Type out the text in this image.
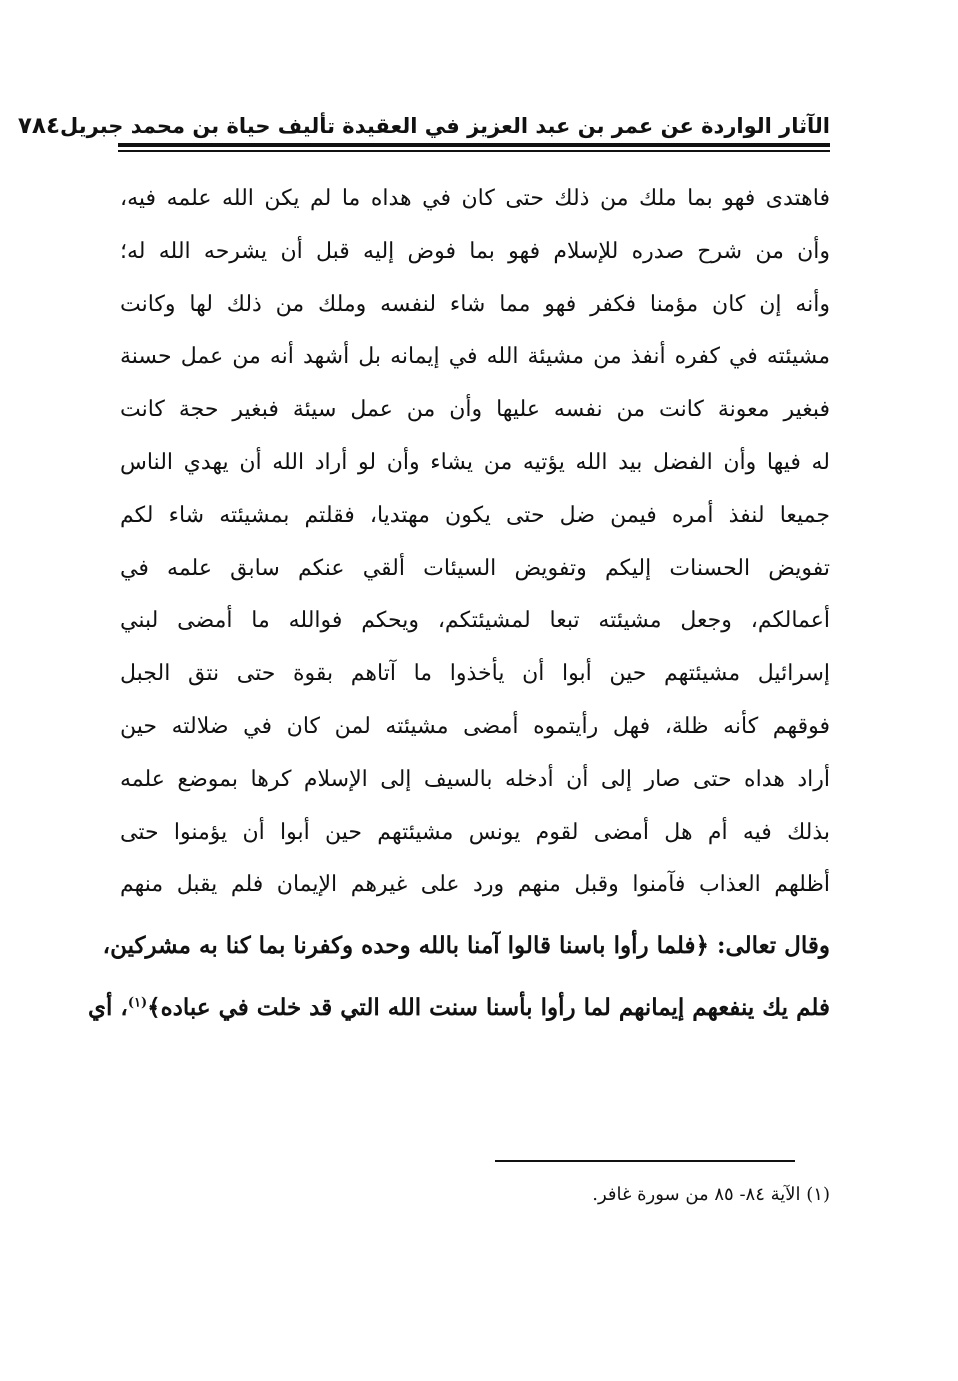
الآثار الواردة عن عمر بن عبد العزيز في العقيدة تأليف حياة بن محمد جبريل
٧٨٤
فاهتدى فهو بما ملك من ذلك حتى كان في هداه ما لم يكن الله علمه فيه،
وأن من شرح صدره للإسلام فهو بما فوض إليه قبل أن يشرحه الله له؛
وأنه إن كان مؤمنا فكفر فهو مما شاء لنفسه وملك من ذلك لها وكانت
مشيئته في كفره أنفذ من مشيئة الله في إيمانه بل أشهد أنه من عمل حسنة
فبغير معونة كانت من نفسه عليها وأن من عمل سيئة فبغير حجة كانت
له فيها وأن الفضل بيد الله يؤتيه من يشاء وأن لو أراد الله أن يهدي الناس
جميعا لنفذ أمره فيمن ضل حتى يكون مهتديا، فقلتم بمشيئته شاء لكم
تفويض الحسنات إليكم وتفويض السيئات ألقي عنكم سابق علمه في
أعمالكم، وجعل مشيئته تبعا لمشيئتكم، ويحكم فوالله ما أمضى لبني
إسرائيل مشيئتهم حين أبوا أن يأخذوا ما آتاهم بقوة حتى نتق الجبل
فوقهم كأنه ظلة، فهل رأيتموه أمضى مشيئته لمن كان في ضلالته حين
أراد هداه حتى صار إلى أن أدخله بالسيف إلى الإسلام كرها بموضع علمه
بذلك فيه أم هل أمضى لقوم يونس مشيئتهم حين أبوا أن يؤمنوا حتى
أظلهم العذاب فآمنوا وقبل منهم ورد على غيرهم الإيمان فلم يقبل منهم
وقال تعالى: ﴿فلما رأوا باسنا قالوا آمنا بالله وحده وكفرنا بما كنا به مشركين،
فلم يك ينفعهم إيمانهم لما رأوا بأسنا سنت الله التي قد خلت في عباده﴾$^{(١)}$، أي
(١) الآية ٨٤- ٨٥ من سورة غافر.
